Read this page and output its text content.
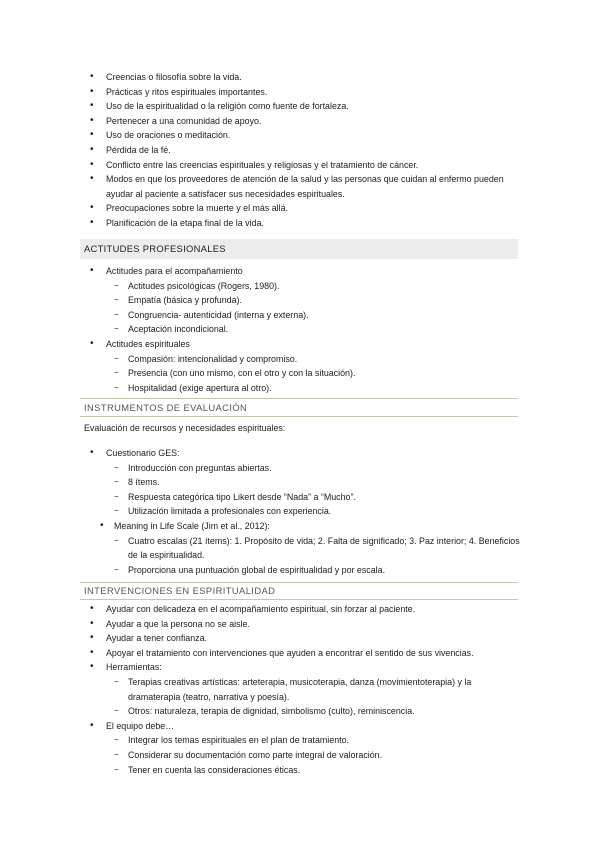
• Creencias o filosofía sobre la vida.
• Prácticas y ritos espirituales importantes.
• Uso de la espiritualidad o la religión como fuente de fortaleza.
• Pertenecer a una comunidad de apoyo.
• Uso de oraciones o meditación.
• Pérdida de la fé.
• Conflicto entre las creencias espirituales y religiosas y el tratamiento de cáncer.
• Modos en que los proveedores de atención de la salud y las personas que cuidan al enfermo pueden ayudar al paciente a satisfacer sus necesidades espirituales.
• Preocupaciones sobre la muerte y el más allá.
• Planificación de la etapa final de la vida.
ACTITUDES PROFESIONALES
• Actitudes para el acompañamiento
− Actitudes psicológicas (Rogers, 1980).
− Empatía (básica y profunda).
− Congruencia- autenticidad (interna y externa).
− Aceptación incondicional.
• Actitudes espirituales
− Compasión: intencionalidad y compromiso.
− Presencia (con uno mismo, con el otro y con la situación).
− Hospitalidad (exige apertura al otro).
INSTRUMENTOS DE EVALUACIÓN
Evaluación de recursos y necesidades espirituales:
• Cuestionario GES:
− Introducción con preguntas abiertas.
− 8 ítems.
− Respuesta categórica tipo Likert desde “Nada” a “Mucho”.
− Utilización limitada a profesionales con experiencia.
• Meaning in Life Scale (Jim et al., 2012):
− Cuatro escalas (21 ítems): 1. Propósito de vida; 2. Falta de significado; 3. Paz interior; 4. Beneficios de la espiritualidad.
− Proporciona una puntuación global de espiritualidad y por escala.
INTERVENCIONES EN ESPIRITUALIDAD
• Ayudar con delicadeza en el acompañamiento espiritual, sin forzar al paciente.
• Ayudar a que la persona no se aisle.
• Ayudar a tener confianza.
• Apoyar el tratamiento con intervenciones que ayuden a encontrar el sentido de sus vivencias.
• Herramientas:
− Terapias creativas artísticas: arteterapia, musicoterapia, danza (movimientoterapia) y la dramaterapia (teatro, narrativa y poesía).
− Otros: naturaleza, terapia de dignidad, simbolismo (culto), reminiscencia.
• El equipo debe…
− Integrar los temas espirituales en el plan de tratamiento.
− Considerar su documentación como parte integral de valoración.
− Tener en cuenta las consideraciones éticas.
